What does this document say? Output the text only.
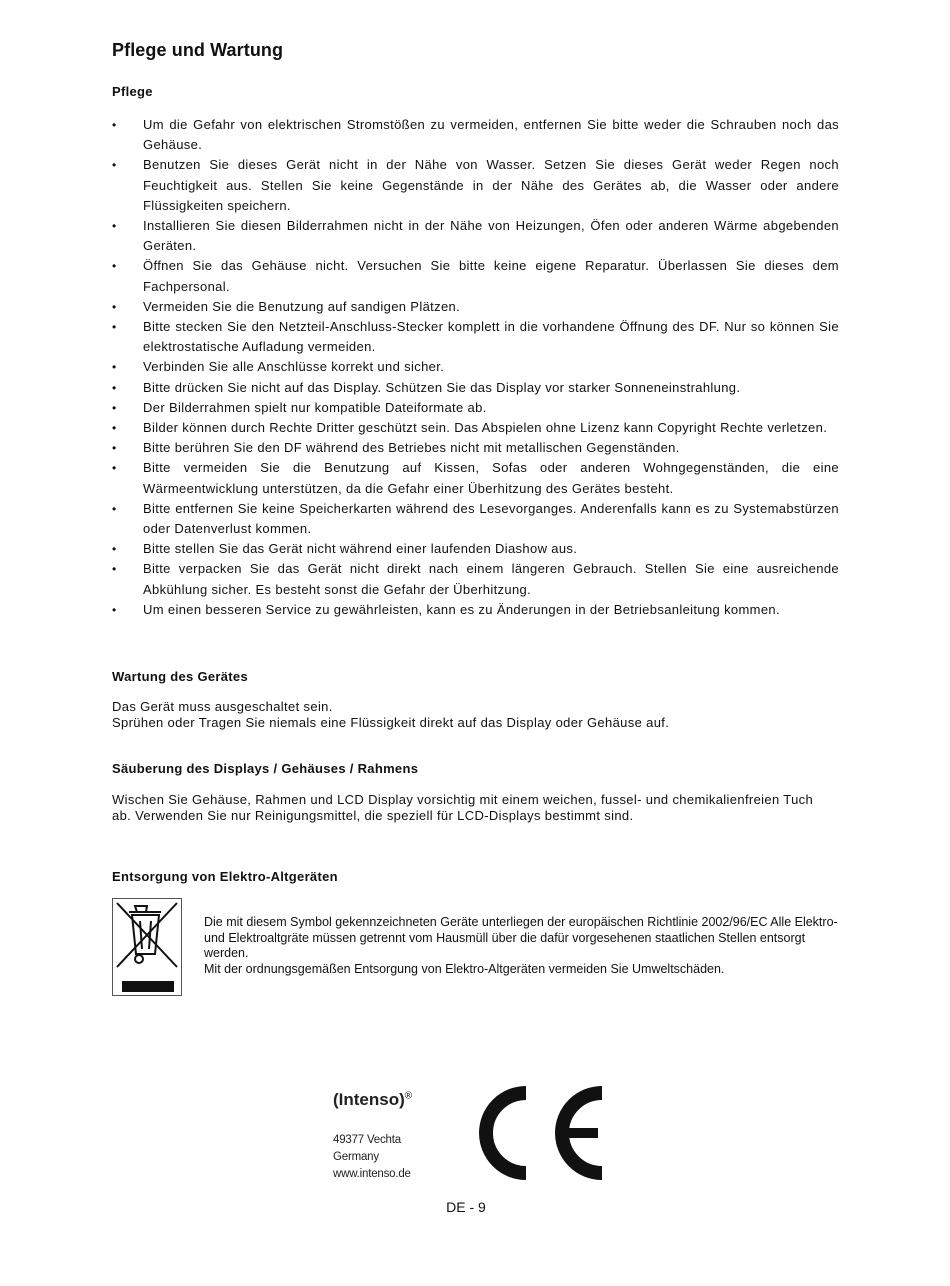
Pflege und Wartung
Pflege
• Um die Gefahr von elektrischen Stromstößen zu vermeiden, entfernen Sie bitte weder die Schrauben noch das Gehäuse.
• Benutzen Sie dieses Gerät nicht in der Nähe von Wasser. Setzen Sie dieses Gerät weder Regen noch Feuchtigkeit aus. Stellen Sie keine Gegenstände in der Nähe des Gerätes ab, die Wasser oder andere Flüssigkeiten speichern.
• Installieren Sie diesen Bilderrahmen nicht in der Nähe von Heizungen, Öfen oder anderen Wärme abgebenden Geräten.
• Öffnen Sie das Gehäuse nicht. Versuchen Sie bitte keine eigene Reparatur. Überlassen Sie dieses dem Fachpersonal.
• Vermeiden Sie die Benutzung auf sandigen Plätzen.
• Bitte stecken Sie den Netzteil-Anschluss-Stecker komplett in die vorhandene Öffnung des DF. Nur so können Sie elektrostatische Aufladung vermeiden.
• Verbinden Sie alle Anschlüsse korrekt und sicher.
• Bitte drücken Sie nicht auf das Display. Schützen Sie das Display vor starker Sonneneinstrahlung.
• Der Bilderrahmen spielt nur kompatible Dateiformate ab.
• Bilder können durch Rechte Dritter geschützt sein. Das Abspielen ohne Lizenz kann Copyright Rechte verletzen.
• Bitte berühren Sie den DF während des Betriebes nicht mit metallischen Gegenständen.
• Bitte vermeiden Sie die Benutzung auf Kissen, Sofas oder anderen Wohngegenständen, die eine Wärmeentwicklung unterstützen, da die Gefahr einer Überhitzung des Gerätes besteht.
• Bitte entfernen Sie keine Speicherkarten während des Lesevorganges. Anderenfalls kann es zu Systemabstürzen oder Datenverlust kommen.
• Bitte stellen Sie das Gerät nicht während einer laufenden Diashow aus.
• Bitte verpacken Sie das Gerät nicht direkt nach einem längeren Gebrauch. Stellen Sie eine ausreichende Abkühlung sicher. Es besteht sonst die Gefahr der Überhitzung.
• Um einen besseren Service zu gewährleisten, kann es zu Änderungen in der Betriebsanleitung kommen.
Wartung des Gerätes

Das Gerät muss ausgeschaltet sein.

Sprühen oder Tragen Sie niemals eine Flüssigkeit direkt auf das Display oder Gehäuse auf.

Säuberung des Displays / Gehäuses / Rahmens

Wischen Sie Gehäuse, Rahmen und LCD Display vorsichtig mit einem weichen, fussel- und chemikalienfreien Tuch ab. Verwenden Sie nur Reinigungsmittel, die speziell für LCD-Displays bestimmt sind.

Entsorgung von Elektro-Altgeräten

Die mit diesem Symbol gekennzeichneten Geräte unterliegen der europäischen Richtlinie 2002/96/EC Alle Elektro- und Elektroaltgräte müssen getrennt vom Hausmüll über die dafür vorgesehenen staatlichen Stellen entsorgt werden.
Mit der ordnungsgemäßen Entsorgung von Elektro-Altgeräten vermeiden Sie Umweltschäden.

(Intenso)®
49377 Vechta
Germany
www.intenso.de
DE - 9
